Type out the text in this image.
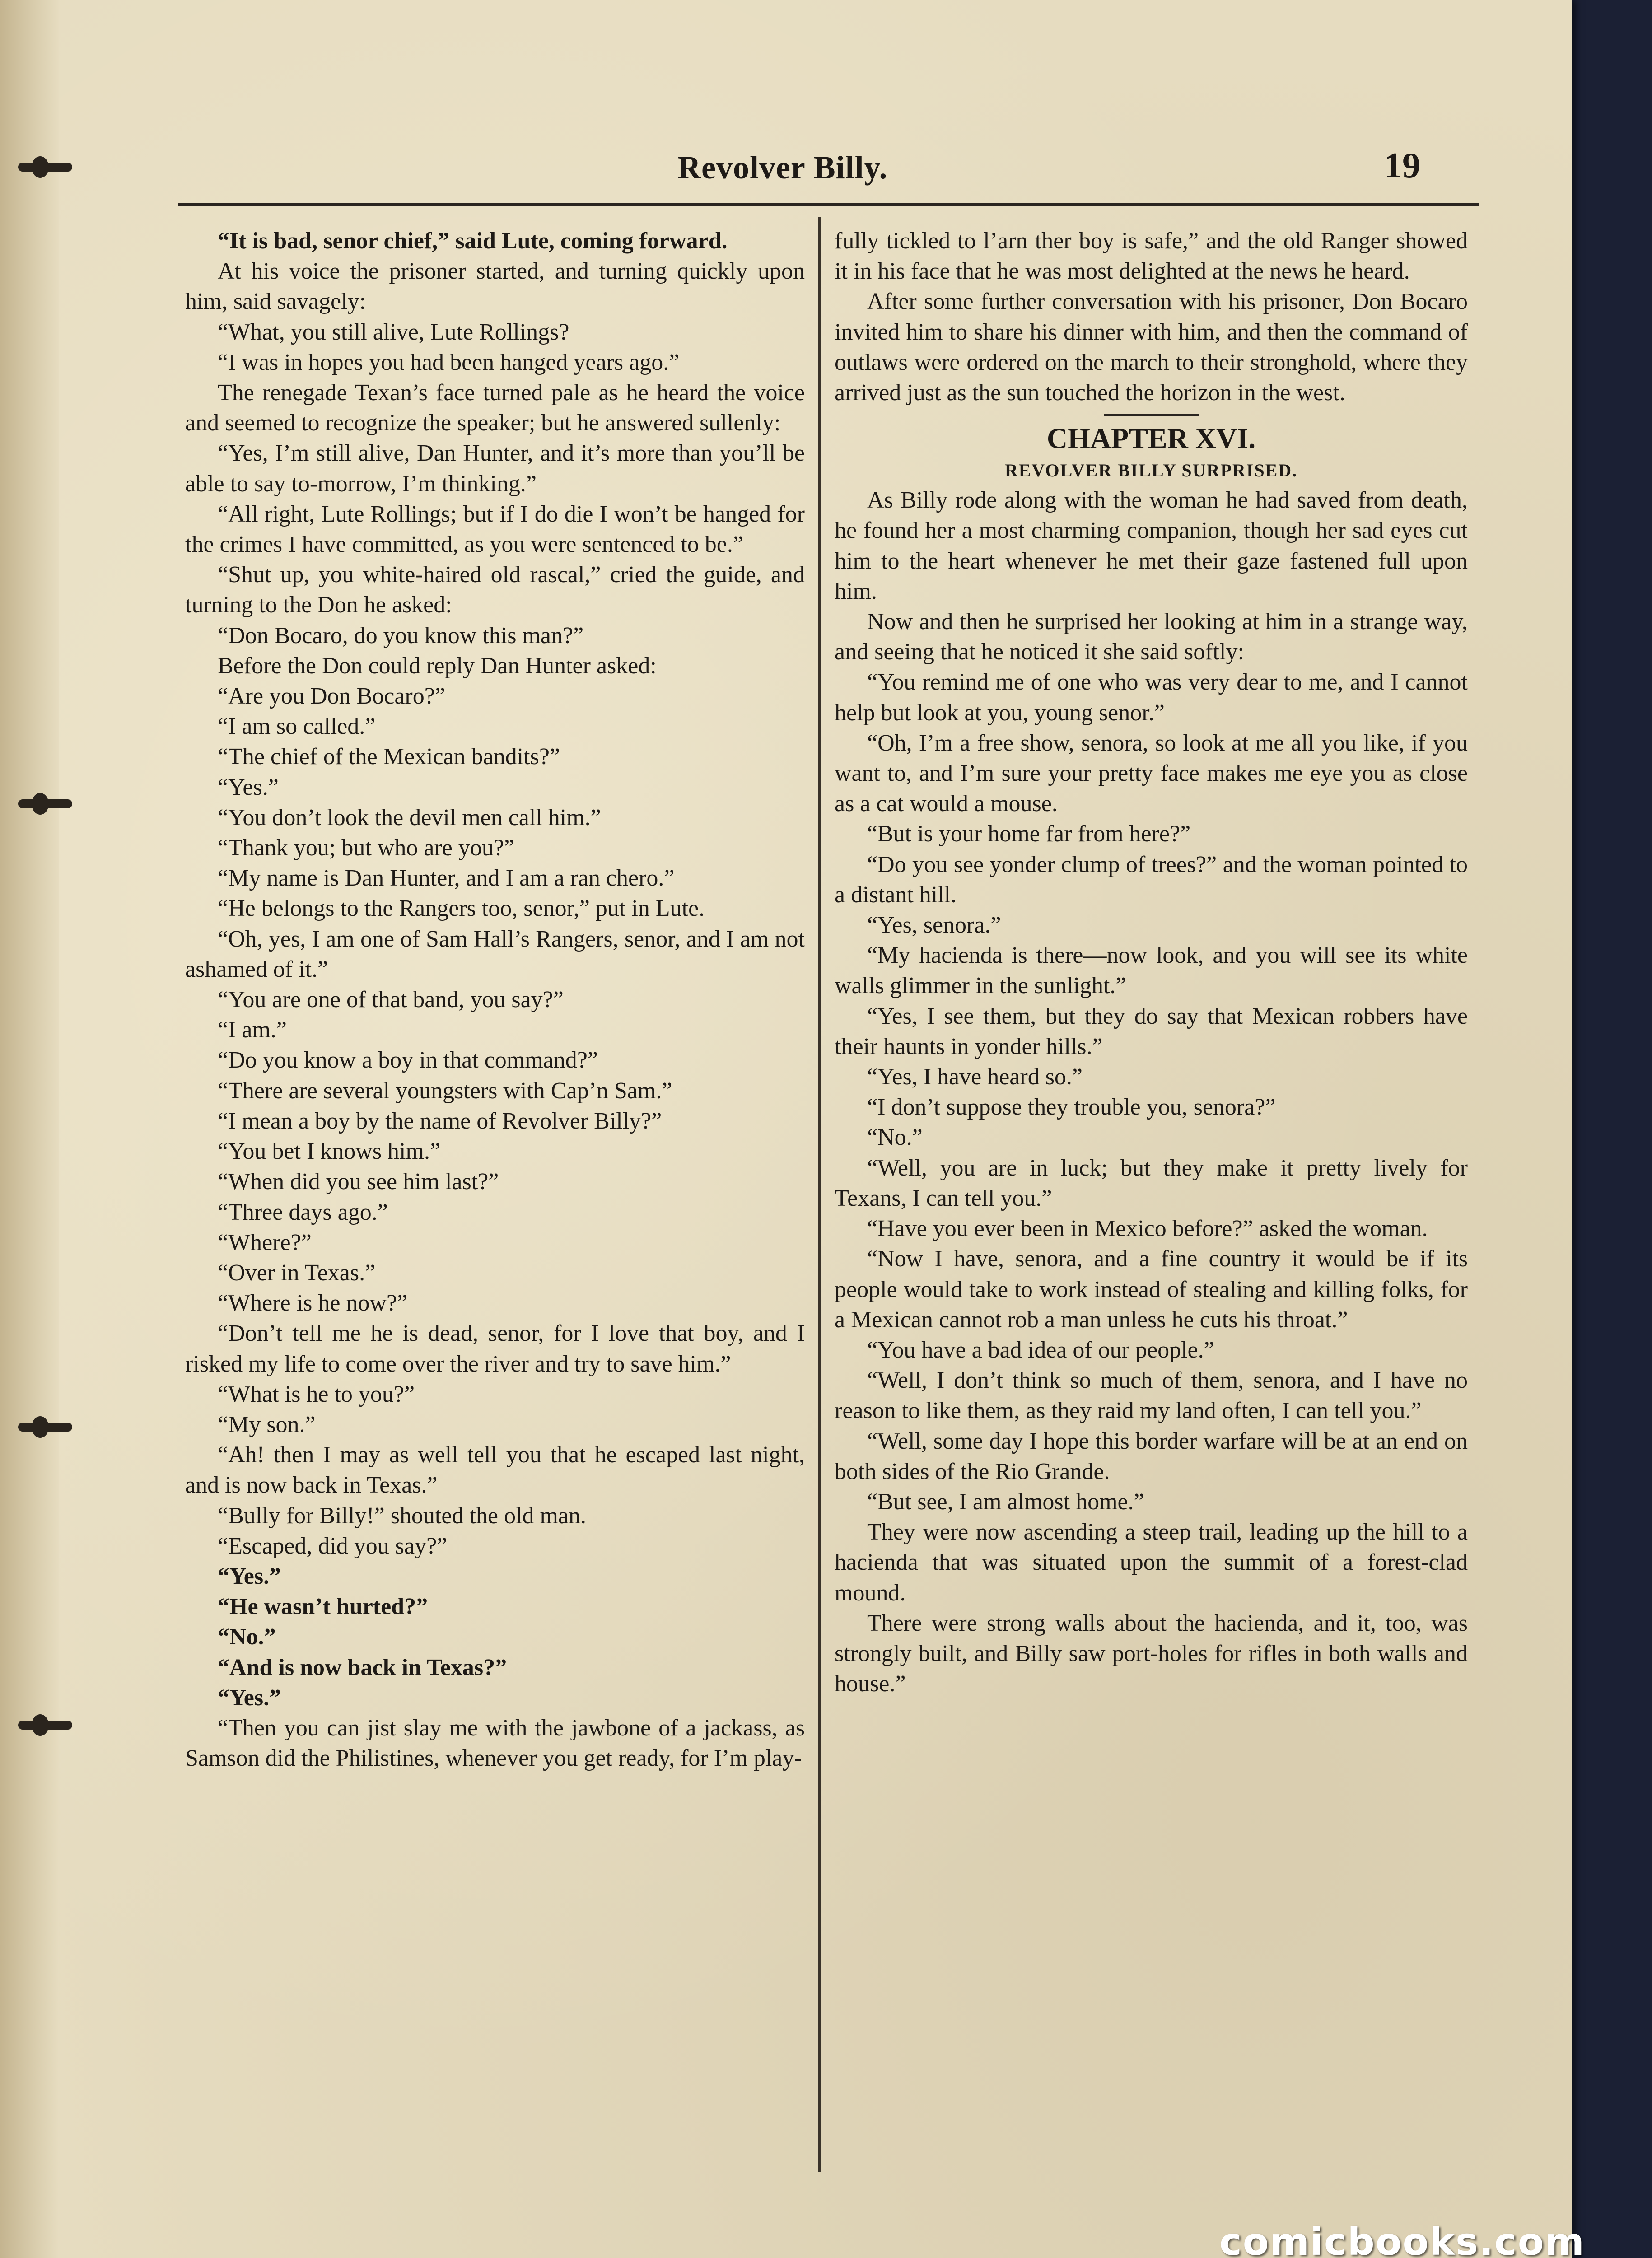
Revolver Billy.	19

“It is bad, senor chief,” said Lute, coming forward.

At his voice the prisoner started, and turning quickly upon him, said savagely:

“What, you still alive, Lute Rollings?

“I was in hopes you had been hanged years ago.”

The renegade Texan’s face turned pale as he heard the voice and seemed to recognize the speaker; but he answered sullenly:

“Yes, I’m still alive, Dan Hunter, and it’s more than you’ll be able to say to-morrow, I’m thinking.”

“All right, Lute Rollings; but if I do die I won’t be hanged for the crimes I have committed, as you were sentenced to be.”

“Shut up, you white-haired old rascal,” cried the guide, and turning to the Don he asked:

“Don Bocaro, do you know this man?”

Before the Don could reply Dan Hunter asked:

“Are you Don Bocaro?”

“I am so called.”

“The chief of the Mexican bandits?”

“Yes.”

“You don’t look the devil men call him.”

“Thank you; but who are you?”

“My name is Dan Hunter, and I am a ran chero.”

“He belongs to the Rangers too, senor,” put in Lute.

“Oh, yes, I am one of Sam Hall’s Rangers, senor, and I am not ashamed of it.”

“You are one of that band, you say?”

“I am.”

“Do you know a boy in that command?”

“There are several youngsters with Cap’n Sam.”

“I mean a boy by the name of Revolver Billy?”

“You bet I knows him.”

“When did you see him last?”

“Three days ago.”

“Where?”

“Over in Texas.”

“Where is he now?”

“Don’t tell me he is dead, senor, for I love that boy, and I risked my life to come over the river and try to save him.”

“What is he to you?”

“My son.”

“Ah! then I may as well tell you that he escaped last night, and is now back in Texas.”

“Bully for Billy!” shouted the old man.

“Escaped, did you say?”

“Yes.”

“He wasn’t hurted?”

“No.”

“And is now back in Texas?”

“Yes.”

“Then you can jist slay me with the jawbone of a jackass, as Samson did the Philistines, whenever you get ready, for I’m play-

fully tickled to l’arn ther boy is safe,” and the old Ranger showed it in his face that he was most delighted at the news he heard.

After some further conversation with his prisoner, Don Bocaro invited him to share his dinner with him, and then the command of outlaws were ordered on the march to their stronghold, where they arrived just as the sun touched the horizon in the west.

CHAPTER XVI.
REVOLVER BILLY SURPRISED.

As Billy rode along with the woman he had saved from death, he found her a most charming companion, though her sad eyes cut him to the heart whenever he met their gaze fastened full upon him.

Now and then he surprised her looking at him in a strange way, and seeing that he noticed it she said softly:

“You remind me of one who was very dear to me, and I cannot help but look at you, young senor.”

“Oh, I’m a free show, senora, so look at me all you like, if you want to, and I’m sure your pretty face makes me eye you as close as a cat would a mouse.

“But is your home far from here?”

“Do you see yonder clump of trees?” and the woman pointed to a distant hill.

“Yes, senora.”

“My hacienda is there—now look, and you will see its white walls glimmer in the sunlight.”

“Yes, I see them, but they do say that Mexican robbers have their haunts in yonder hills.”

“Yes, I have heard so.”

“I don’t suppose they trouble you, senora?”

“No.”

“Well, you are in luck; but they make it pretty lively for Texans, I can tell you.”

“Have you ever been in Mexico before?” asked the woman.

“Now I have, senora, and a fine country it would be if its people would take to work instead of stealing and killing folks, for a Mexican cannot rob a man unless he cuts his throat.”

“You have a bad idea of our people.”

“Well, I don’t think so much of them, senora, and I have no reason to like them, as they raid my land often, I can tell you.”

“Well, some day I hope this border warfare will be at an end on both sides of the Rio Grande.

“But see, I am almost home.”

They were now ascending a steep trail, leading up the hill to a hacienda that was situated upon the summit of a forest-clad mound.

There were strong walls about the hacienda, and it, too, was strongly built, and Billy saw port-holes for rifles in both walls and house.”

comicbooks.com
